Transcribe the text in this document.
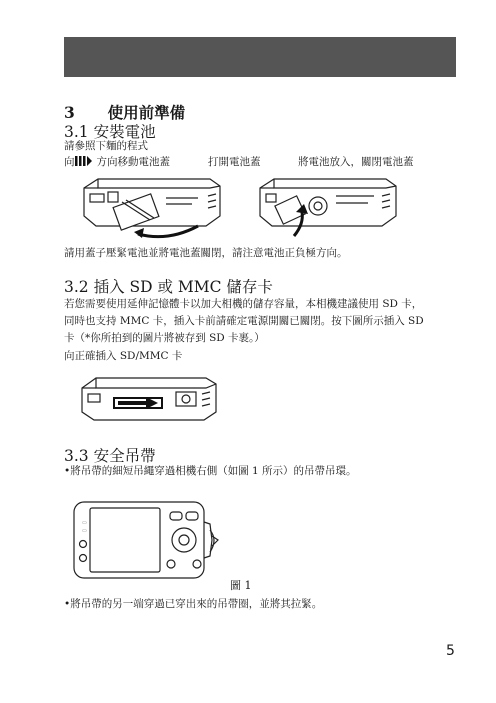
3 使用前準備
3.1 安裝電池
請參照下麵的程式
向 方向移動電池蓋	打開電池蓋	將電池放入，關閉電池蓋
請用蓋子壓緊電池並將電池蓋關閉，請注意電池正負極方向。
3.2 插入 SD 或 MMC 儲存卡
若您需要使用延伸記憶體卡以加大相機的儲存容量，本相機建議使用 SD 卡，
同時也支持 MMC 卡，插入卡前請確定電源開關已關閉。按下圖所示插入 SD
卡（*你所拍到的圖片將被存到 SD 卡裹。）
向正確插入 SD/MMC 卡
3.3 安全吊帶
•將吊帶的細短吊繩穿過相機右側（如圖 1 所示）的吊帶吊環。
▭
▭
圖 1
•將吊帶的另一端穿過已穿出來的吊帶圈，並將其拉緊。
5
